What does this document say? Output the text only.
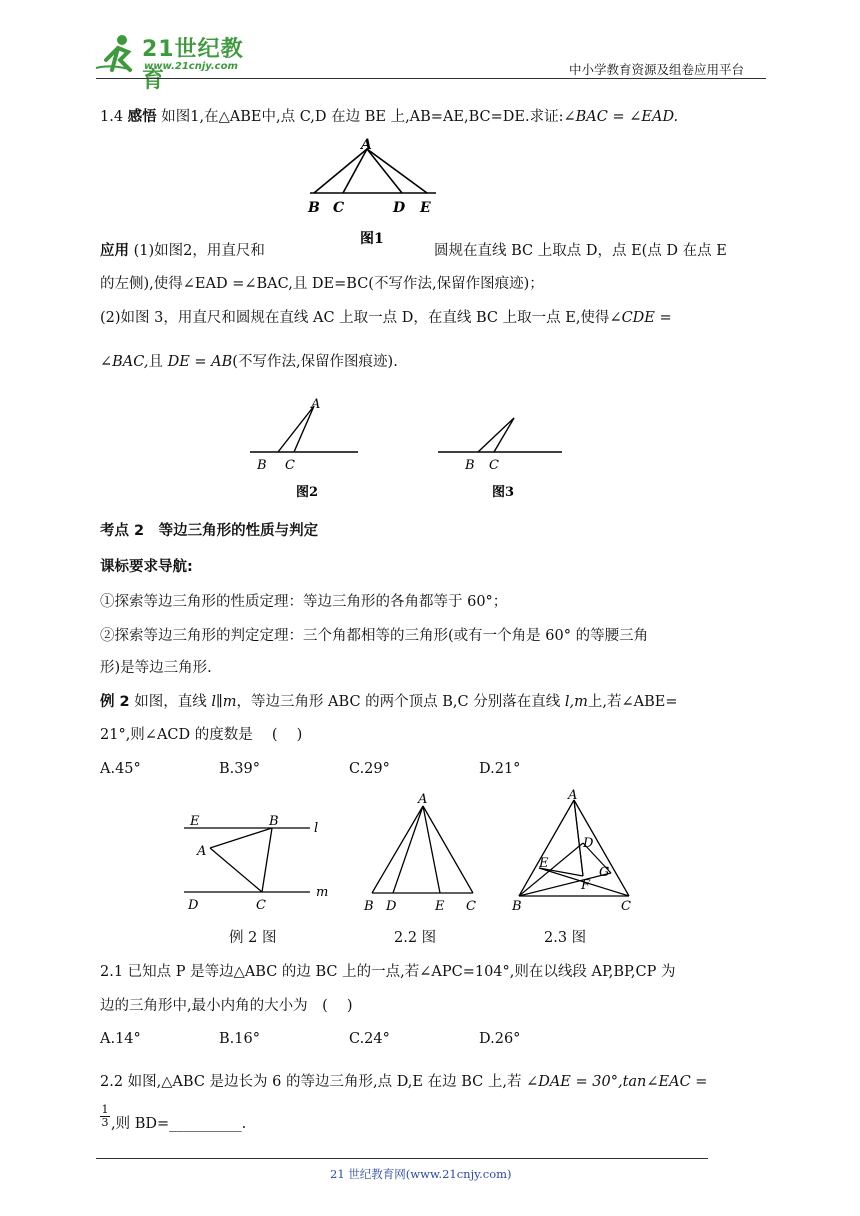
21世纪教育
www.21cnjy.com	中小学教育资源及组卷应用平台
1.4 感悟 如图1,在△ABE中,点 C,D 在边 BE 上,AB=AE,BC=DE.求证:∠BAC = ∠EAD.
A
B C	D E
图1
应用 (1)如图2，用直尺和	圆规在直线 BC 上取点 D，点 E(点 D 在点 E
的左侧),使得∠EAD =∠BAC,且 DE=BC(不写作法,保留作图痕迹)；
(2)如图 3，用直尺和圆规在直线 AC 上取一点 D，在直线 BC 上取一点 E,使得∠CDE =
∠BAC,且 DE = AB(不写作法,保留作图痕迹).
A
B C
图2
B C
图3
考点 2　等边三角形的性质与判定
课标要求导航:
①探索等边三角形的性质定理：等边三角形的各角都等于 60°；
②探索等边三角形的判定定理：三个角都相等的三角形(或有一个角是 60° 的等腰三角
形)是等边三角形.
例 2 如图，直线 l∥m，等边三角形 ABC 的两个顶点 B,C 分别落在直线 l,m上,若∠ABE=
21°,则∠ACD 的度数是　 (　 )
A.45°	B.39°	C.29°	D.21°
E	B	l
A
D	C
m
例 2 图
A
B D	E C
2.2 图
A
D
E
G
F
B	C
2.3 图
2.1 已知点 P 是等边△ABC 的边 BC 上的一点,若∠APC=104°,则在以线段 AP,BP,CP 为
边的三角形中,最小内角的大小为　(　 )
A.14°	B.16°	C.24°	D.26°
2.2 如图,△ABC 是边长为 6 的等边三角形,点 D,E 在边 BC 上,若 ∠DAE = 30°,tan∠EAC =
$\frac{1}{3}$ ,则 BD=__________.
21 世纪教育网(www.21cnjy.com)
